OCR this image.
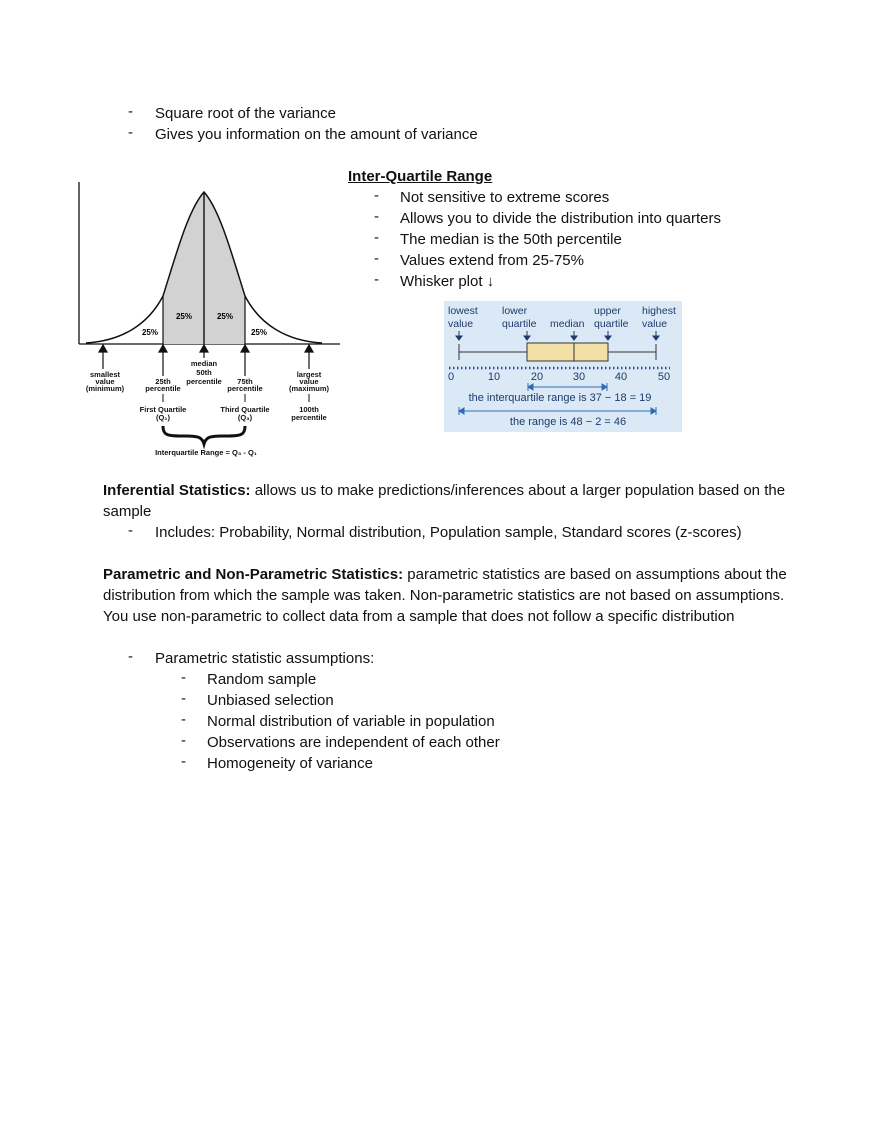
- Square root of the variance
- Gives you information on the amount of variance
25%	25%
25%	25%
smallest
value
(minimum)
25th
percentile
median
50th
percentile 75th
percentile
largest
value
(maximum)
First Quartile
(Q₁)
Third Quartile
(Q₃)
100th
percentile
Interquartile Range = Q₃ - Q₁
Inter-Quartile Range
- Not sensitive to extreme scores
- Allows you to divide the distribution into quarters
- The median is the 50th percentile
- Values extend from 25-75%
- Whisker plot ↓
lowest
value
lower
quartile median
upper
quartile
highest
value
0	10	20	30	40	50
the interquartile range is 37 − 18 = 19
the range is 48 − 2 = 46
Inferential Statistics: allows us to make predictions/inferences about a larger population based on the sample
- Includes: Probability, Normal distribution, Population sample, Standard scores (z-scores)
Parametric and Non-Parametric Statistics: parametric statistics are based on assumptions about the distribution from which the sample was taken. Non-parametric statistics are not based on assumptions. You use non-parametric to collect data from a sample that does not follow a specific distribution
- Parametric statistic assumptions:
- Random sample
- Unbiased selection
- Normal distribution of variable in population
- Observations are independent of each other
- Homogeneity of variance
